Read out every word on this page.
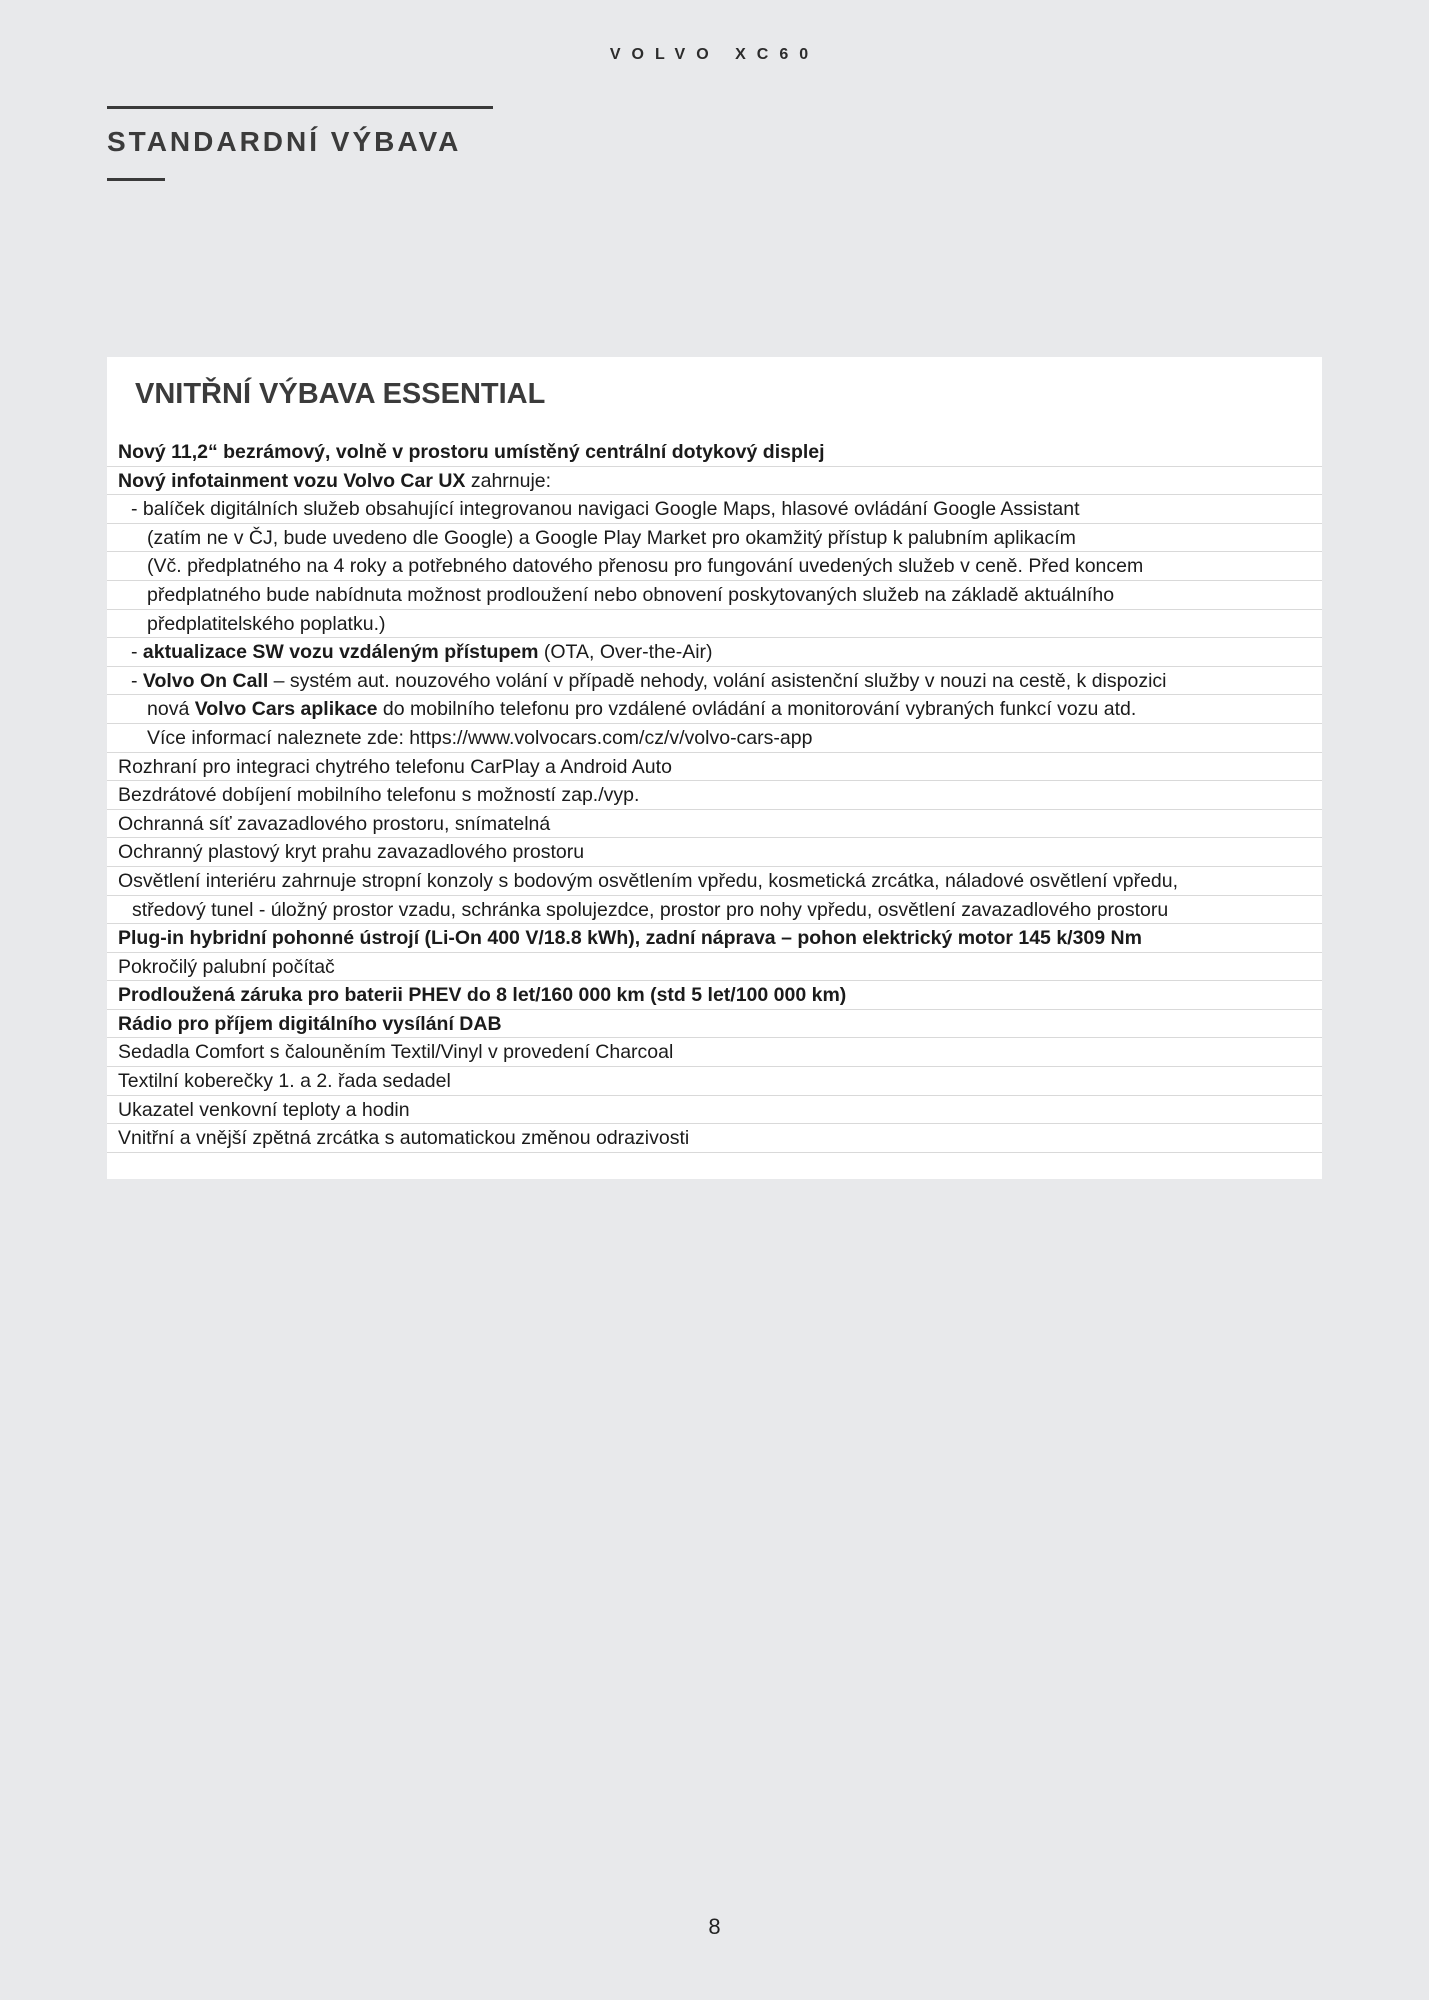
VOLVO XC60
STANDARDNÍ VÝBAVA
VNITŘNÍ VÝBAVA ESSENTIAL
Nový 11,2“ bezrámový, volně v prostoru umístěný centrální dotykový displej
Nový infotainment vozu Volvo Car UX zahrnuje:
- balíček digitálních služeb obsahující integrovanou navigaci Google Maps, hlasové ovládání Google Assistant
(zatím ne v ČJ, bude uvedeno dle Google) a Google Play Market pro okamžitý přístup k palubním aplikacím
(Vč. předplatného na 4 roky a potřebného datového přenosu pro fungování uvedených služeb v ceně. Před koncem
předplatného bude nabídnuta možnost prodloužení nebo obnovení poskytovaných služeb na základě aktuálního
předplatitelského poplatku.)
- aktualizace SW vozu vzdáleným přístupem (OTA, Over-the-Air)
- Volvo On Call – systém aut. nouzového volání v případě nehody, volání asistenční služby v nouzi na cestě, k dispozici
nová Volvo Cars aplikace do mobilního telefonu pro vzdálené ovládání a monitorování vybraných funkcí vozu atd.
Více informací naleznete zde: https://www.volvocars.com/cz/v/volvo-cars-app
Rozhraní pro integraci chytrého telefonu CarPlay a Android Auto
Bezdrátové dobíjení mobilního telefonu s možností zap./vyp.
Ochranná síť zavazadlového prostoru, snímatelná
Ochranný plastový kryt prahu zavazadlového prostoru
Osvětlení interiéru zahrnuje stropní konzoly s bodovým osvětlením vpředu, kosmetická zrcátka, náladové osvětlení vpředu,
středový tunel - úložný prostor vzadu, schránka spolujezdce, prostor pro nohy vpředu, osvětlení zavazadlového prostoru
Plug-in hybridní pohonné ústrojí (Li-On 400 V/18.8 kWh), zadní náprava – pohon elektrický motor 145 k/309 Nm
Pokročilý palubní počítač
Prodloužená záruka pro baterii PHEV do 8 let/160 000 km (std 5 let/100 000 km)
Rádio pro příjem digitálního vysílání DAB
Sedadla Comfort s čalouněním Textil/Vinyl v provedení Charcoal
Textilní koberečky 1. a 2. řada sedadel
Ukazatel venkovní teploty a hodin
Vnitřní a vnější zpětná zrcátka s automatickou změnou odrazivosti
8
